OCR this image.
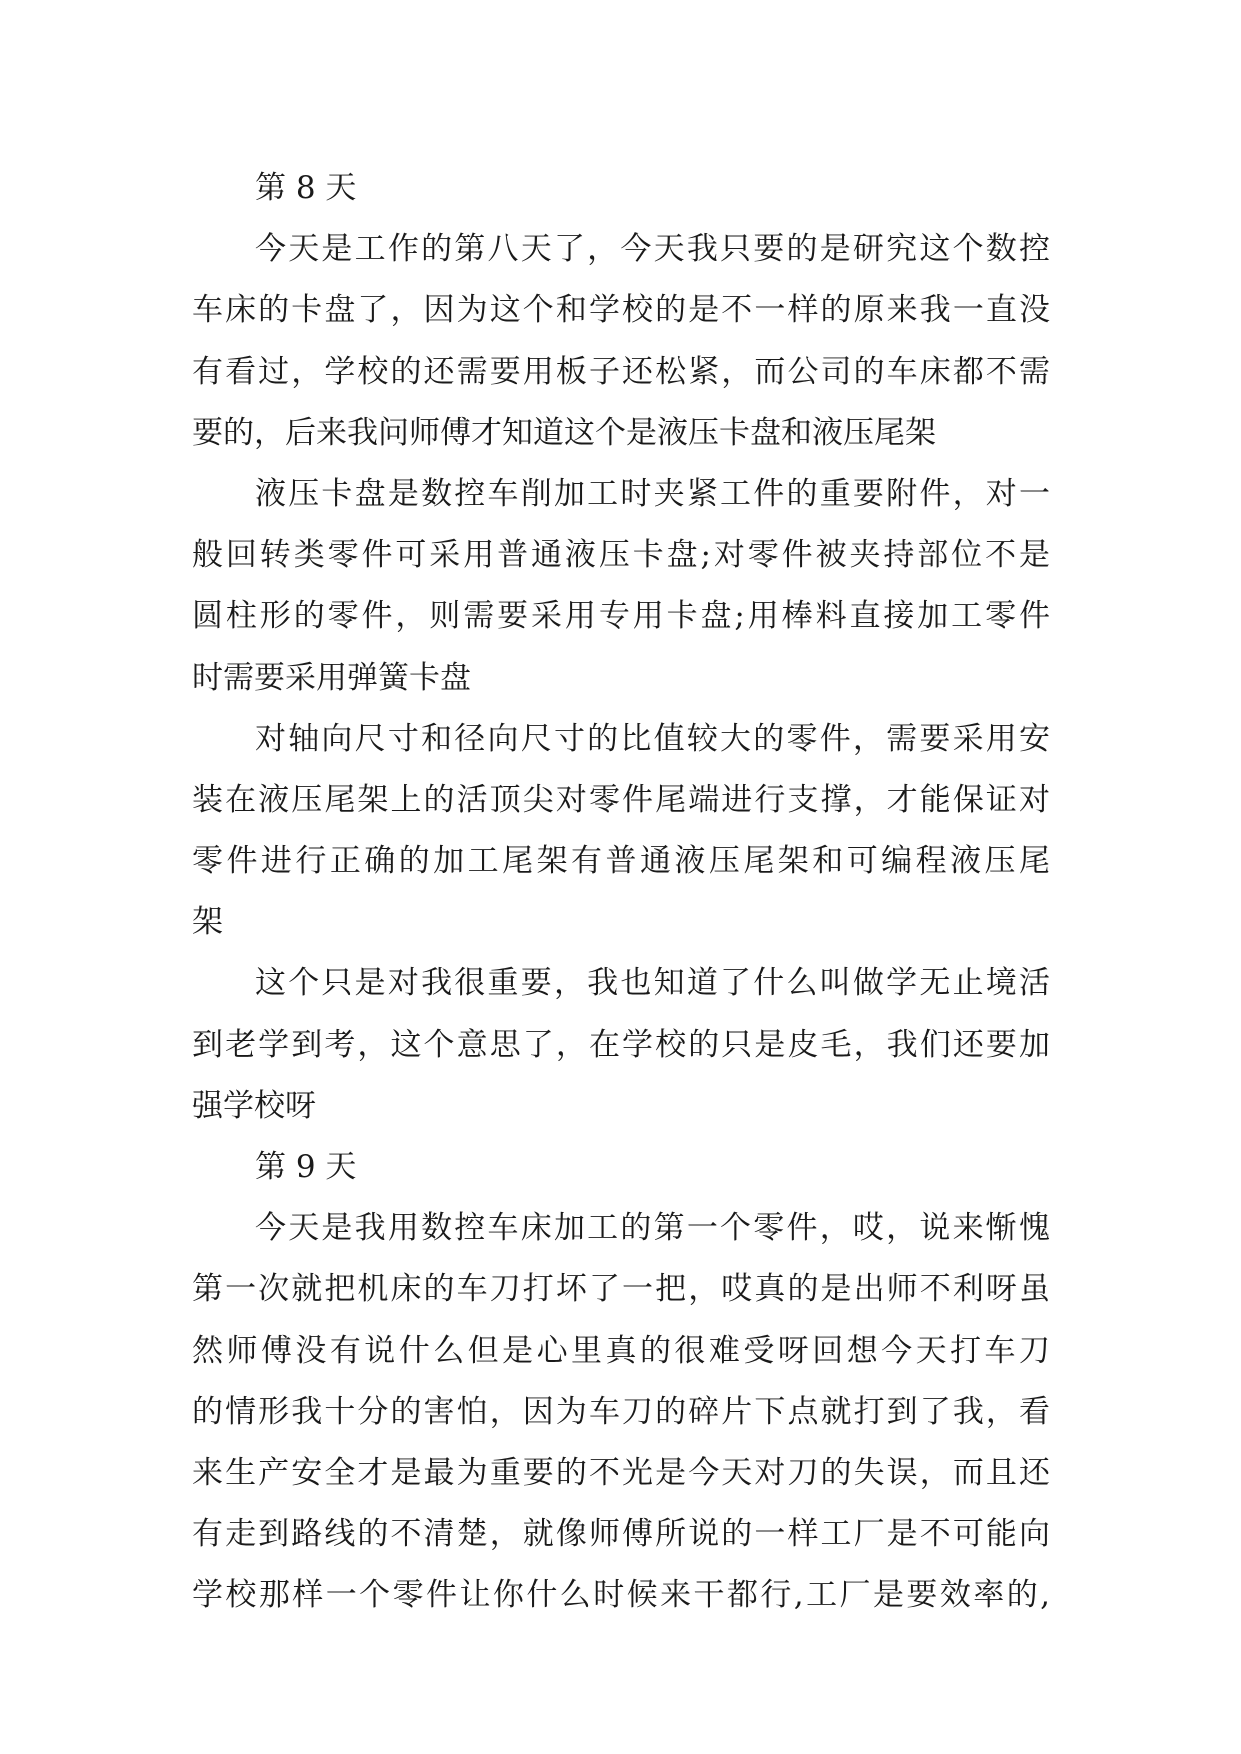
第 8 天
今天是工作的第八天了，今天我只要的是研究这个数控
车床的卡盘了，因为这个和学校的是不一样的原来我一直没
有看过，学校的还需要用板子还松紧，而公司的车床都不需
要的，后来我问师傅才知道这个是液压卡盘和液压尾架
液压卡盘是数控车削加工时夹紧工件的重要附件，对一
般回转类零件可采用普通液压卡盘;对零件被夹持部位不是
圆柱形的零件，则需要采用专用卡盘;用棒料直接加工零件
时需要采用弹簧卡盘
对轴向尺寸和径向尺寸的比值较大的零件，需要采用安
装在液压尾架上的活顶尖对零件尾端进行支撑，才能保证对
零件进行正确的加工尾架有普通液压尾架和可编程液压尾
架
这个只是对我很重要，我也知道了什么叫做学无止境活
到老学到考，这个意思了，在学校的只是皮毛，我们还要加
强学校呀
第 9 天
今天是我用数控车床加工的第一个零件，哎，说来惭愧
第一次就把机床的车刀打坏了一把，哎真的是出师不利呀虽
然师傅没有说什么但是心里真的很难受呀回想今天打车刀
的情形我十分的害怕，因为车刀的碎片下点就打到了我，看
来生产安全才是最为重要的不光是今天对刀的失误，而且还
有走到路线的不清楚，就像师傅所说的一样工厂是不可能向
学校那样一个零件让你什么时候来干都行,工厂是要效率的,
